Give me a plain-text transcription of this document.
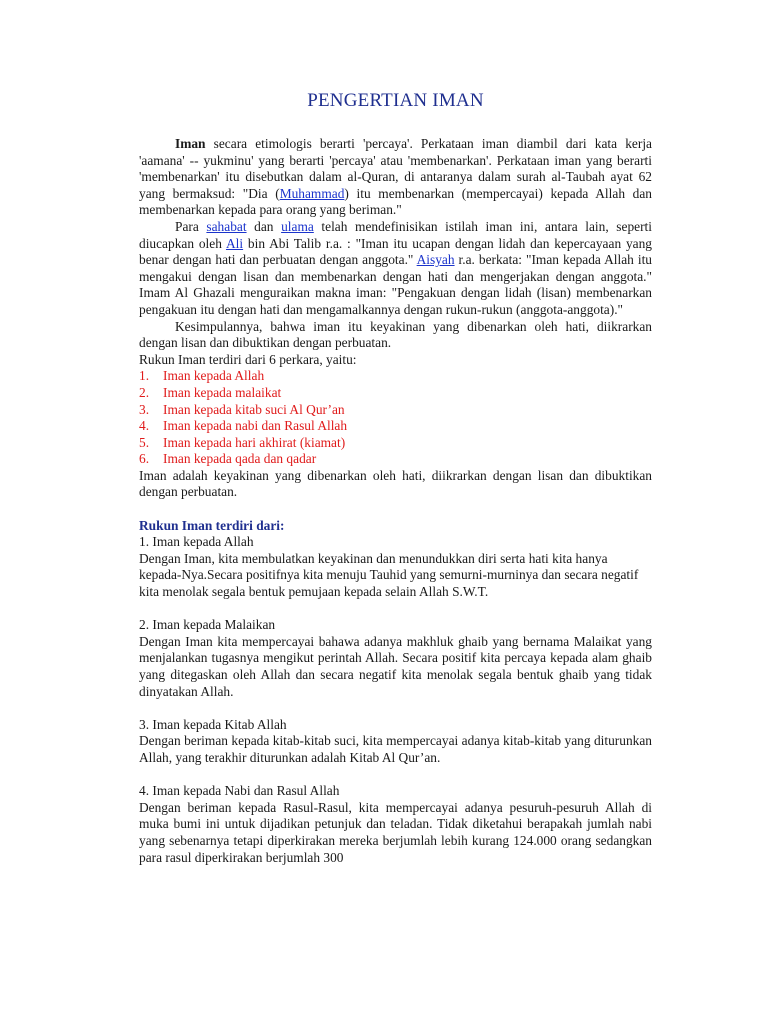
PENGERTIAN IMAN

Iman secara etimologis berarti 'percaya'. Perkataan iman diambil dari kata kerja 'aamana' -- yukminu' yang berarti 'percaya' atau 'membenarkan'. Perkataan iman yang berarti 'membenarkan' itu disebutkan dalam al-Quran, di antaranya dalam surah al-Taubah ayat 62 yang bermaksud: "Dia (Muhammad) itu membenarkan (mempercayai) kepada Allah dan membenarkan kepada para orang yang beriman."

Para sahabat dan ulama telah mendefinisikan istilah iman ini, antara lain, seperti diucapkan oleh Ali bin Abi Talib r.a. : "Iman itu ucapan dengan lidah dan kepercayaan yang benar dengan hati dan perbuatan dengan anggota." Aisyah r.a. berkata: "Iman kepada Allah itu mengakui dengan lisan dan membenarkan dengan hati dan mengerjakan dengan anggota." Imam Al Ghazali menguraikan makna iman: "Pengakuan dengan lidah (lisan) membenarkan pengakuan itu dengan hati dan mengamalkannya dengan rukun-rukun (anggota-anggota)."

Kesimpulannya, bahwa iman itu keyakinan yang dibenarkan oleh hati, diikrarkan dengan lisan dan dibuktikan dengan perbuatan.

Rukun Iman terdiri dari 6 perkara, yaitu:

1. Iman kepada Allah
2. Iman kepada malaikat
3. Iman kepada kitab suci Al Qur’an
4. Iman kepada nabi dan Rasul Allah
5. Iman kepada hari akhirat (kiamat)
6. Iman kepada qada dan qadar

Iman adalah keyakinan yang dibenarkan oleh hati, diikrarkan dengan lisan dan dibuktikan dengan perbuatan.

Rukun Iman terdiri dari:

1. Iman kepada Allah

Dengan Iman, kita membulatkan keyakinan dan menundukkan diri serta hati kita hanya kepada-Nya.Secara positifnya kita menuju Tauhid yang semurni-murninya dan secara negatif kita menolak segala bentuk pemujaan kepada selain Allah S.W.T.

2. Iman kepada Malaikan

Dengan Iman kita mempercayai bahawa adanya makhluk ghaib yang bernama Malaikat yang menjalankan tugasnya mengikut perintah Allah. Secara positif kita percaya kepada alam ghaib yang ditegaskan oleh Allah dan secara negatif kita menolak segala bentuk ghaib yang tidak dinyatakan Allah.

3. Iman kepada Kitab Allah

Dengan beriman kepada kitab-kitab suci, kita mempercayai adanya kitab-kitab yang diturunkan Allah, yang terakhir diturunkan adalah Kitab Al Qur’an.

4. Iman kepada Nabi dan Rasul Allah

Dengan beriman kepada Rasul-Rasul, kita mempercayai adanya pesuruh-pesuruh Allah di muka bumi ini untuk dijadikan petunjuk dan teladan. Tidak diketahui berapakah jumlah nabi yang sebenarnya tetapi diperkirakan mereka berjumlah lebih kurang 124.000 orang sedangkan para rasul diperkirakan berjumlah 300
